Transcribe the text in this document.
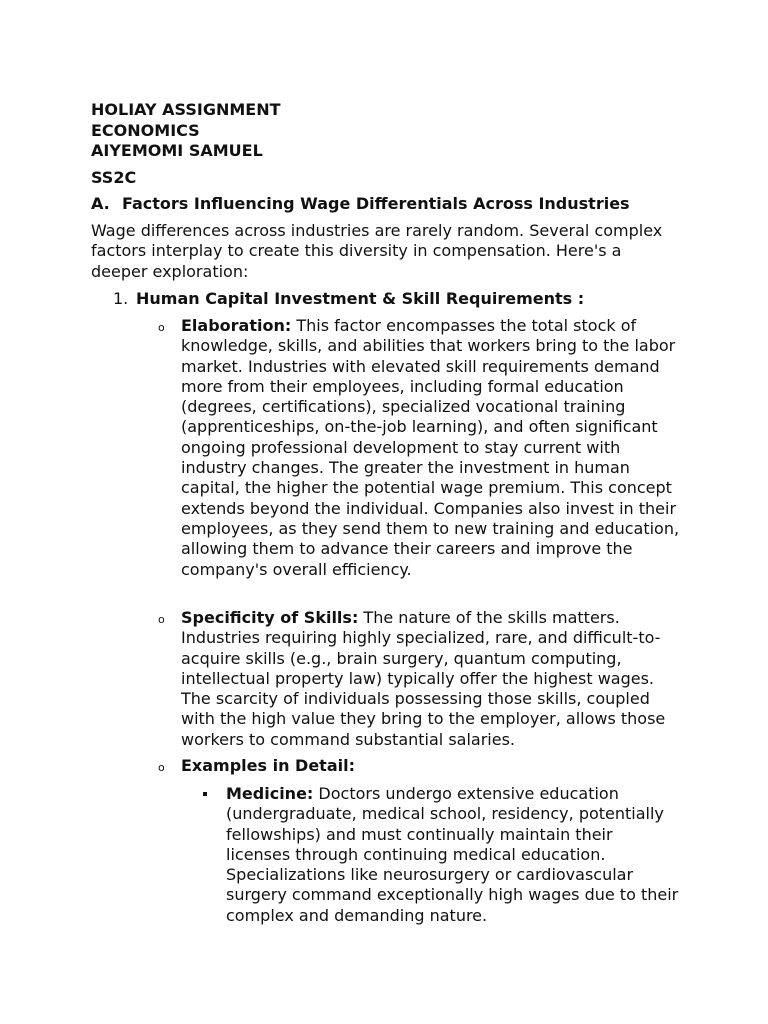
HOLIAY ASSIGNMENT
ECONOMICS
AIYEMOMI SAMUEL
SS2C
A. Factors Influencing Wage Differentials Across Industries
Wage differences across industries are rarely random. Several complex factors interplay to create this diversity in compensation. Here's a deeper exploration:
1. Human Capital Investment & Skill Requirements :
o Elaboration: This factor encompasses the total stock of knowledge, skills, and abilities that workers bring to the labor market. Industries with elevated skill requirements demand more from their employees, including formal education (degrees, certifications), specialized vocational training (apprenticeships, on-the-job learning), and often significant ongoing professional development to stay current with industry changes. The greater the investment in human capital, the higher the potential wage premium. This concept extends beyond the individual. Companies also invest in their employees, as they send them to new training and education, allowing them to advance their careers and improve the company's overall efficiency.
o Specificity of Skills: The nature of the skills matters. Industries requiring highly specialized, rare, and difficult-to-acquire skills (e.g., brain surgery, quantum computing, intellectual property law) typically offer the highest wages. The scarcity of individuals possessing those skills, coupled with the high value they bring to the employer, allows those workers to command substantial salaries.
o Examples in Detail:
Medicine: Doctors undergo extensive education (undergraduate, medical school, residency, potentially fellowships) and must continually maintain their licenses through continuing medical education. Specializations like neurosurgery or cardiovascular surgery command exceptionally high wages due to their complex and demanding nature.
